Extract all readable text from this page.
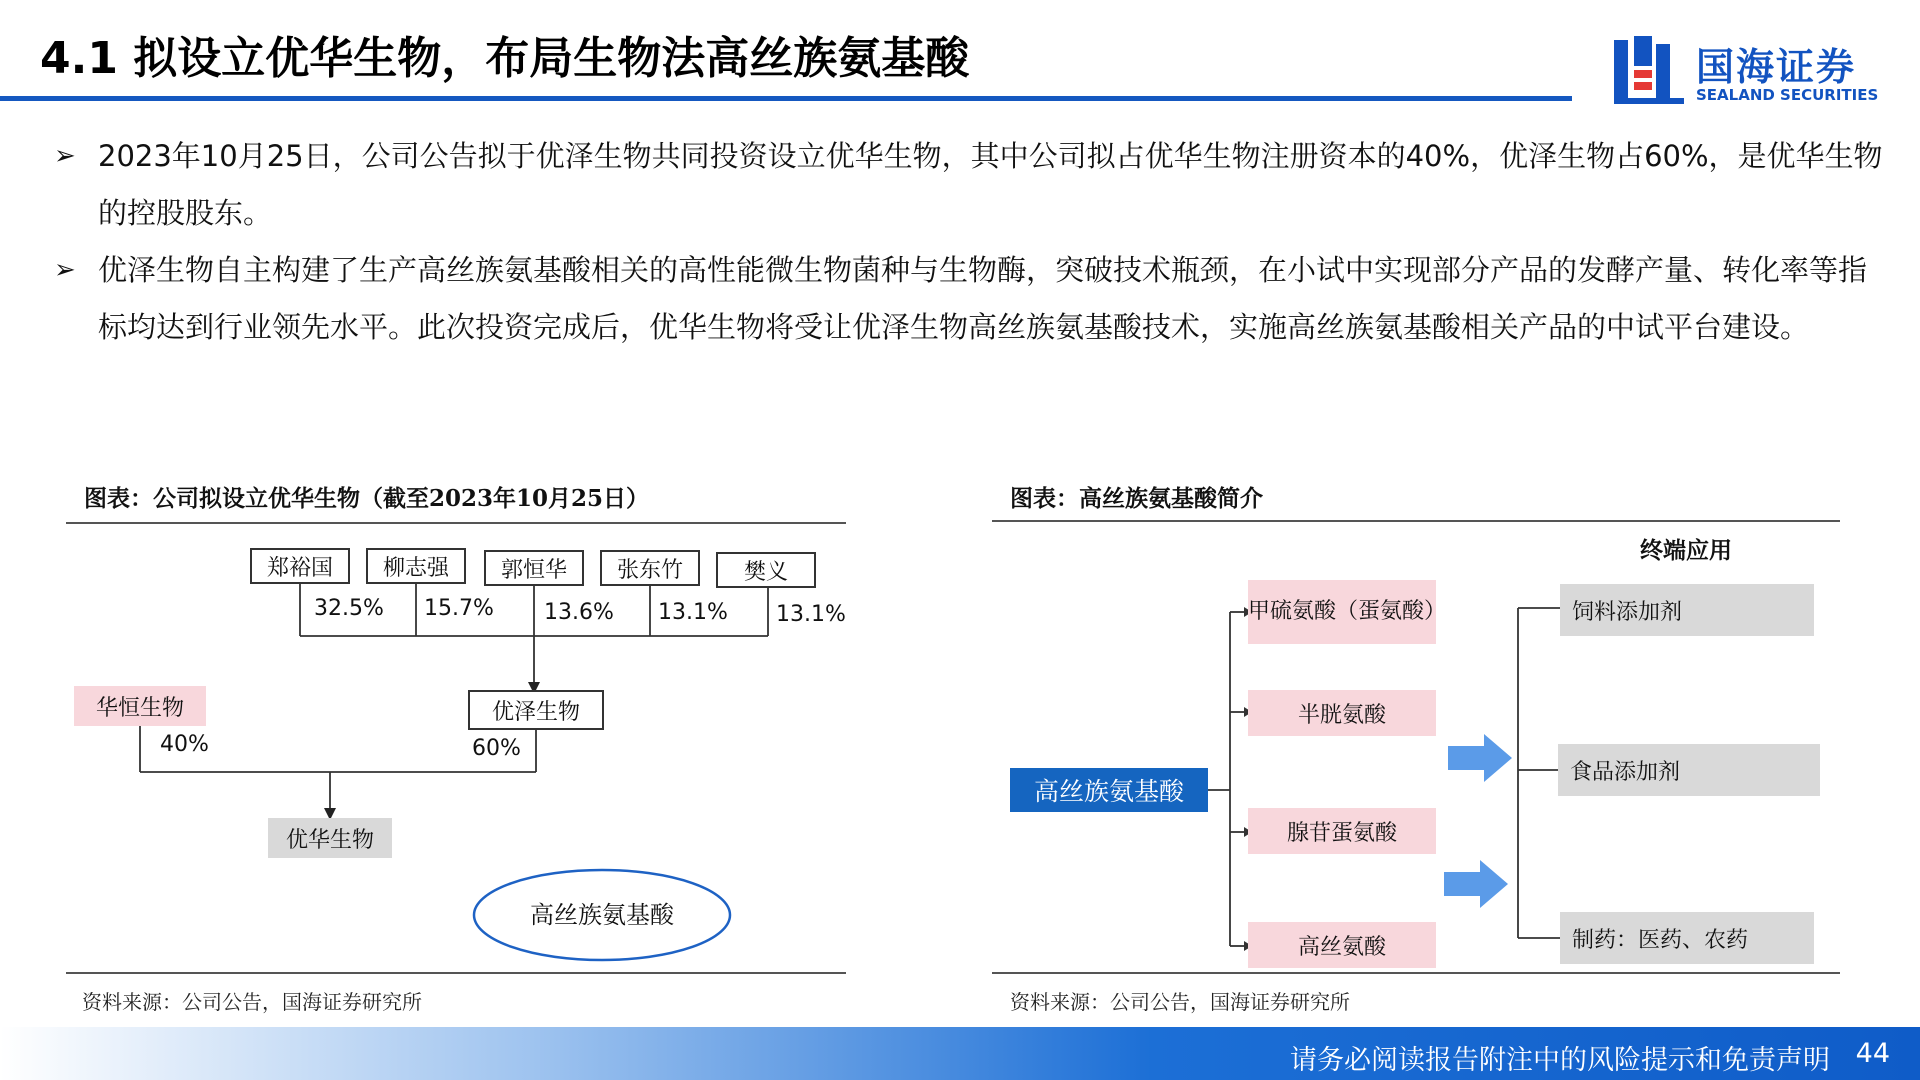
4.1 拟设立优华生物，布局生物法高丝族氨基酸	国海证券
SEALAND SECURITIES
➢ 2023年10月25日，公司公告拟于优泽生物共同投资设立优华生物，其中公司拟占优华生物注册资本的40%，优泽生物占60%，是优华生物的控股股东。
➢ 优泽生物自主构建了生产高丝族氨基酸相关的高性能微生物菌种与生物酶，突破技术瓶颈，在小试中实现部分产品的发酵产量、转化率等指标均达到行业领先水平。此次投资完成后，优华生物将受让优泽生物高丝族氨基酸技术，实施高丝族氨基酸相关产品的中试平台建设。
图表：公司拟设立优华生物（截至2023年10月25日）
郑裕国	柳志强	郭恒华	张东竹	樊义
32.5% 15.7% 13.6% 13.1% 13.1%
华恒生物
40%
优泽生物
60%
优华生物
高丝族氨基酸
资料来源：公司公告，国海证券研究所
图表：高丝族氨基酸简介
终端应用
高丝族氨基酸
甲硫氨酸（蛋氨酸）
半胱氨酸
腺苷蛋氨酸
高丝氨酸
饲料添加剂
食品添加剂
制药：医药、农药
资料来源：公司公告，国海证券研究所
请务必阅读报告附注中的风险提示和免责声明 44
